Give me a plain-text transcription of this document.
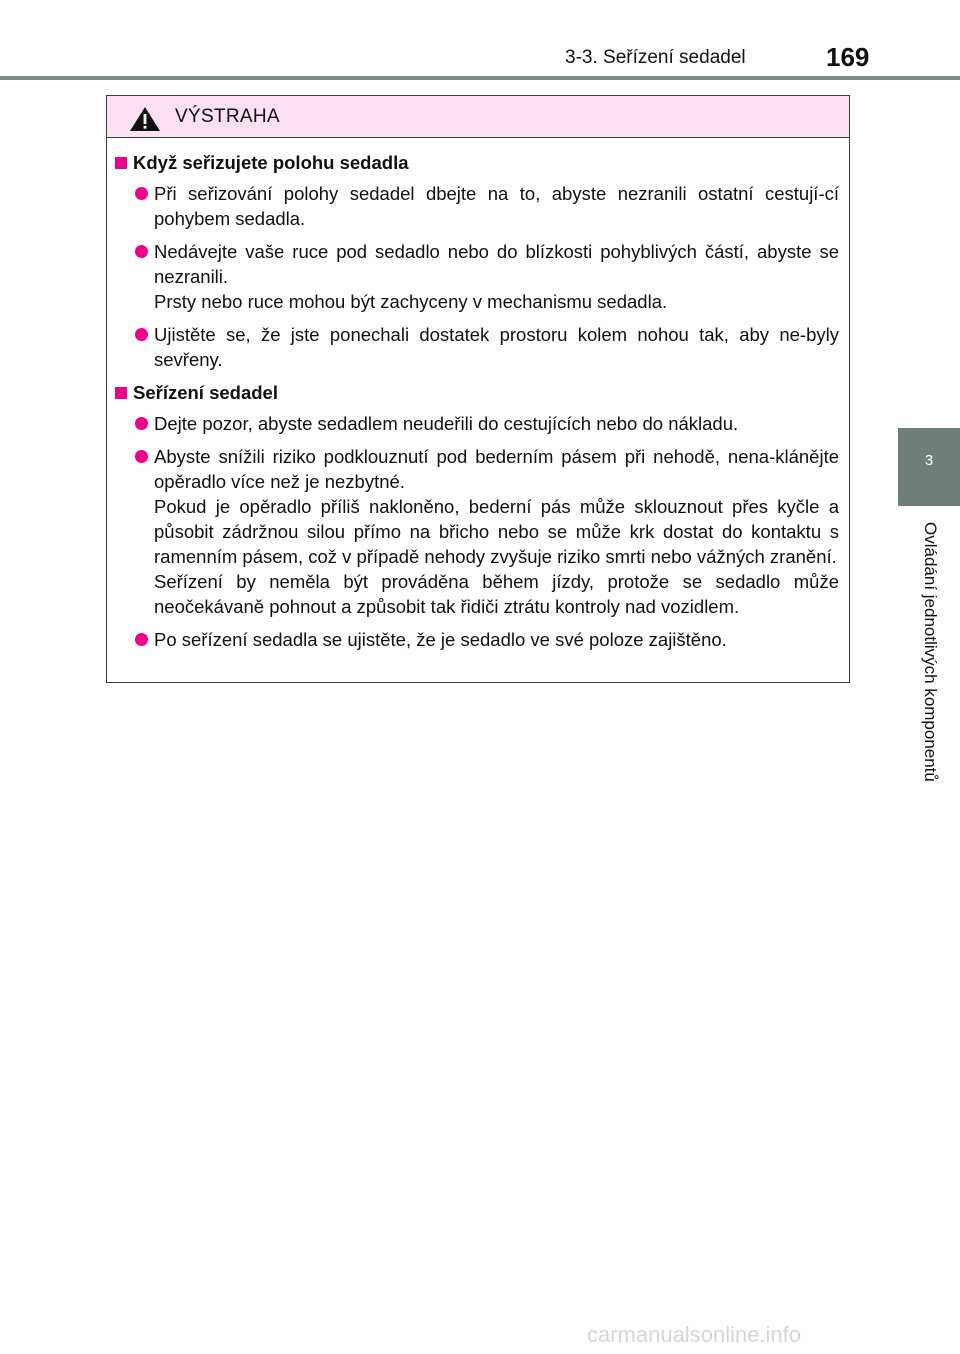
3-3. Seřízení sedadel	169
3
Ovládání jednotlivých komponentů
VÝSTRAHA
Když seřizujete polohu sedadla
Při seřizování polohy sedadel dbejte na to, abyste nezranili ostatní cestují-cí pohybem sedadla.
Nedávejte vaše ruce pod sedadlo nebo do blízkosti pohyblivých částí, abyste se nezranili.
Prsty nebo ruce mohou být zachyceny v mechanismu sedadla.
Ujistěte se, že jste ponechali dostatek prostoru kolem nohou tak, aby ne-byly sevřeny.
Seřízení sedadel
Dejte pozor, abyste sedadlem neudeřili do cestujících nebo do nákladu.
Abyste snížili riziko podklouznutí pod bederním pásem při nehodě, nena-klánějte opěradlo více než je nezbytné.
Pokud je opěradlo příliš nakloněno, bederní pás může sklouznout přes kyčle a působit zádržnou silou přímo na břicho nebo se může krk dostat do kontaktu s ramenním pásem, což v případě nehody zvyšuje riziko smrti nebo vážných zranění.
Seřízení by neměla být prováděna během jízdy, protože se sedadlo může neočekávaně pohnout a způsobit tak řidiči ztrátu kontroly nad vozidlem.
Po seřízení sedadla se ujistěte, že je sedadlo ve své poloze zajištěno.
carmanualsonline.info
